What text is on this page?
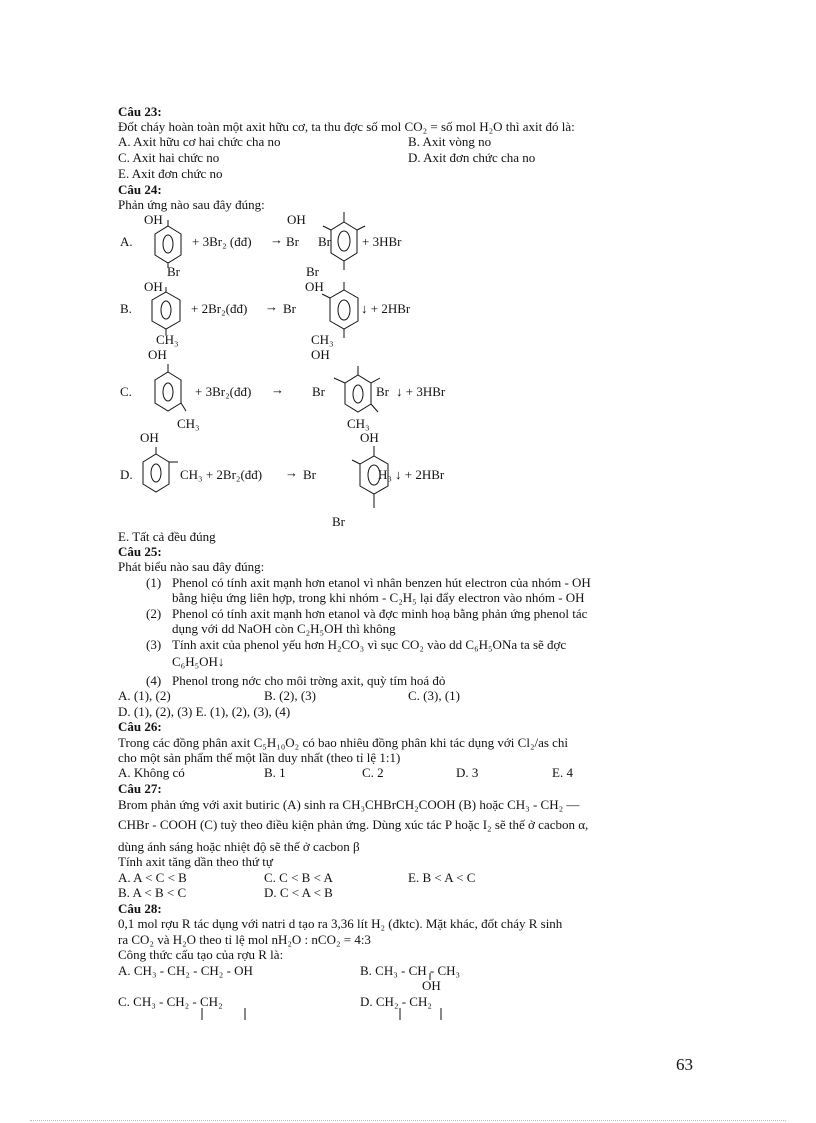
Câu 23:
Đốt cháy hoàn toàn một axit hữu cơ, ta thu đợc số mol CO₂ = số mol H₂O thì axit đó là:
A. Axit hữu cơ hai chức cha no	B. Axit vòng no
C. Axit hai chức no	D. Axit đơn chức cha no
E. Axit đơn chức no
Câu 24:
Phản ứng nào sau đây đúng:
OH	OH
A.	+ 3Br₂ (đđ) → Br Br + 3HBr
Br	Br
OH	OH
B.	+ 2Br₂(đđ) → Br	↓ + 2HBr
CH₃	CH₃
OH	OH
C.	+ 3Br₂(đđ) → Br	Br ↓ + 3HBr
CH₃	CH₃
OH	OH
D.	CH₃ + 2Br₂(đđ) → Br	H₃ ↓ + 2HBr
Br
E. Tất cả đều đúng
Câu 25:
Phát biểu nào sau đây đúng:
(1) Phenol có tính axit mạnh hơn etanol vì nhân benzen hút electron của nhóm - OH
bằng hiệu ứng liên hợp, trong khi nhóm - C₂H₅ lại đẩy electron vào nhóm - OH
(2) Phenol có tính axit mạnh hơn etanol và đợc minh hoạ bằng phản ứng phenol tác
dụng với dd NaOH còn C₂H₅OH thì không
(3) Tính axit của phenol yếu hơn H₂CO₃ vì sục CO₂ vào dd C₆H₅ONa ta sẽ đợc
C₆H₅OH↓
(4) Phenol trong nớc cho môi trờng axit, quỳ tím hoá đỏ
A. (1), (2)	B. (2), (3)	C. (3), (1)
D. (1), (2), (3) E. (1), (2), (3), (4)
Câu 26:
Trong các đồng phân axit C₅H₁₀O₂ có bao nhiêu đồng phân khi tác dụng với Cl₂/as chỉ
cho một sản phẩm thế một lần duy nhất (theo tỉ lệ 1:1)
A. Không có	B. 1	C. 2	D. 3	E. 4
Câu 27:
Brom phản ứng với axit butiric (A) sinh ra CH₃CHBrCH₂COOH (B) hoặc CH₃ - CH₂ —
CHBr - COOH (C) tuỳ theo điều kiện phản ứng. Dùng xúc tác P hoặc I₂ sẽ thế ở cacbon α,
dùng ánh sáng hoặc nhiệt độ sẽ thế ở cacbon β
Tính axit tăng dần theo thứ tự
A. A < C < B	C. C < B < A	E. B < A < C
B. A < B < C	D. C < A < B
Câu 28:
0,1 mol rợu R tác dụng với natri d tạo ra 3,36 lít H₂ (đktc). Mặt khác, đốt cháy R sinh
ra CO₂ và H₂O theo tỉ lệ mol nH₂O : nCO₂ = 4:3
Công thức cấu tạo của rợu R là:
A. CH₃ - CH₂ - CH₂ - OH	B. CH₃ - CH - CH₃
OH
C. CH₃ - CH₂ - CH₂	D. CH₂ - CH₂
63
